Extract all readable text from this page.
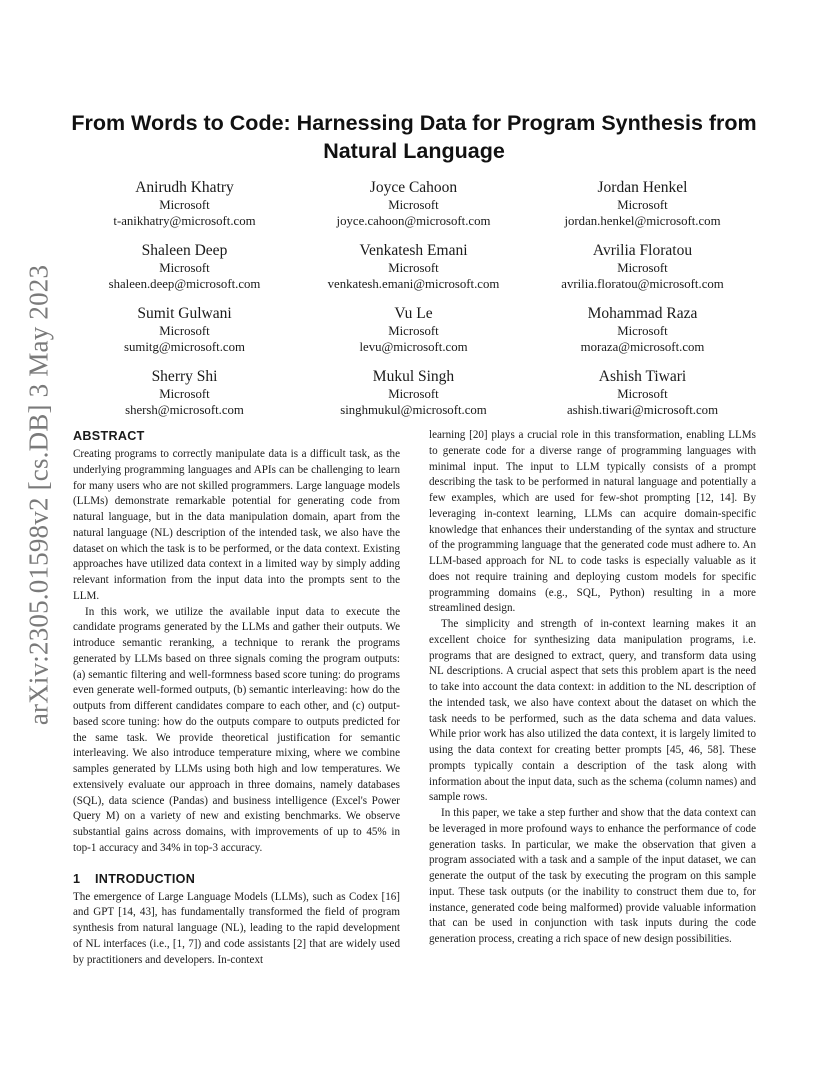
arXiv:2305.01598v2 [cs.DB] 3 May 2023
From Words to Code: Harnessing Data for Program Synthesis from Natural Language
Anirudh Khatry
Microsoft
t-anikhatry@microsoft.com
Joyce Cahoon
Microsoft
joyce.cahoon@microsoft.com
Jordan Henkel
Microsoft
jordan.henkel@microsoft.com
Shaleen Deep
Microsoft
shaleen.deep@microsoft.com
Venkatesh Emani
Microsoft
venkatesh.emani@microsoft.com
Avrilia Floratou
Microsoft
avrilia.floratou@microsoft.com
Sumit Gulwani
Microsoft
sumitg@microsoft.com
Vu Le
Microsoft
levu@microsoft.com
Mohammad Raza
Microsoft
moraza@microsoft.com
Sherry Shi
Microsoft
shersh@microsoft.com
Mukul Singh
Microsoft
singhmukul@microsoft.com
Ashish Tiwari
Microsoft
ashish.tiwari@microsoft.com
ABSTRACT

Creating programs to correctly manipulate data is a difficult task, as the underlying programming languages and APIs can be challenging to learn for many users who are not skilled programmers. Large language models (LLMs) demonstrate remarkable potential for generating code from natural language, but in the data manipulation domain, apart from the natural language (NL) description of the intended task, we also have the dataset on which the task is to be performed, or the data context. Existing approaches have utilized data context in a limited way by simply adding relevant information from the input data into the prompts sent to the LLM.

In this work, we utilize the available input data to execute the candidate programs generated by the LLMs and gather their outputs. We introduce semantic reranking, a technique to rerank the programs generated by LLMs based on three signals coming the program outputs: (a) semantic filtering and well-formness based score tuning: do programs even generate well-formed outputs, (b) semantic interleaving: how do the outputs from different candidates compare to each other, and (c) output-based score tuning: how do the outputs compare to outputs predicted for the same task. We provide theoretical justification for semantic interleaving. We also introduce temperature mixing, where we combine samples generated by LLMs using both high and low temperatures. We extensively evaluate our approach in three domains, namely databases (SQL), data science (Pandas) and business intelligence (Excel's Power Query M) on a variety of new and existing benchmarks. We observe substantial gains across domains, with improvements of up to 45% in top-1 accuracy and 34% in top-3 accuracy.

1 INTRODUCTION

The emergence of Large Language Models (LLMs), such as Codex [16] and GPT [14, 43], has fundamentally transformed the field of program synthesis from natural language (NL), leading to the rapid development of NL interfaces (i.e., [1, 7]) and code assistants [2] that are widely used by practitioners and developers. In-context

learning [20] plays a crucial role in this transformation, enabling LLMs to generate code for a diverse range of programming languages with minimal input. The input to LLM typically consists of a prompt describing the task to be performed in natural language and potentially a few examples, which are used for few-shot prompting [12, 14]. By leveraging in-context learning, LLMs can acquire domain-specific knowledge that enhances their understanding of the syntax and structure of the programming language that the generated code must adhere to. An LLM-based approach for NL to code tasks is especially valuable as it does not require training and deploying custom models for specific programming domains (e.g., SQL, Python) resulting in a more streamlined design.

The simplicity and strength of in-context learning makes it an excellent choice for synthesizing data manipulation programs, i.e. programs that are designed to extract, query, and transform data using NL descriptions. A crucial aspect that sets this problem apart is the need to take into account the data context: in addition to the NL description of the intended task, we also have context about the dataset on which the task needs to be performed, such as the data schema and data values. While prior work has also utilized the data context, it is largely limited to using the data context for creating better prompts [45, 46, 58]. These prompts typically contain a description of the task along with information about the input data, such as the schema (column names) and sample rows.

In this paper, we take a step further and show that the data context can be leveraged in more profound ways to enhance the performance of code generation tasks. In particular, we make the observation that given a program associated with a task and a sample of the input dataset, we can generate the output of the task by executing the program on this sample input. These task outputs (or the inability to construct them due to, for instance, generated code being malformed) provide valuable information that can be used in conjunction with task inputs during the code generation process, creating a rich space of new design possibilities.
